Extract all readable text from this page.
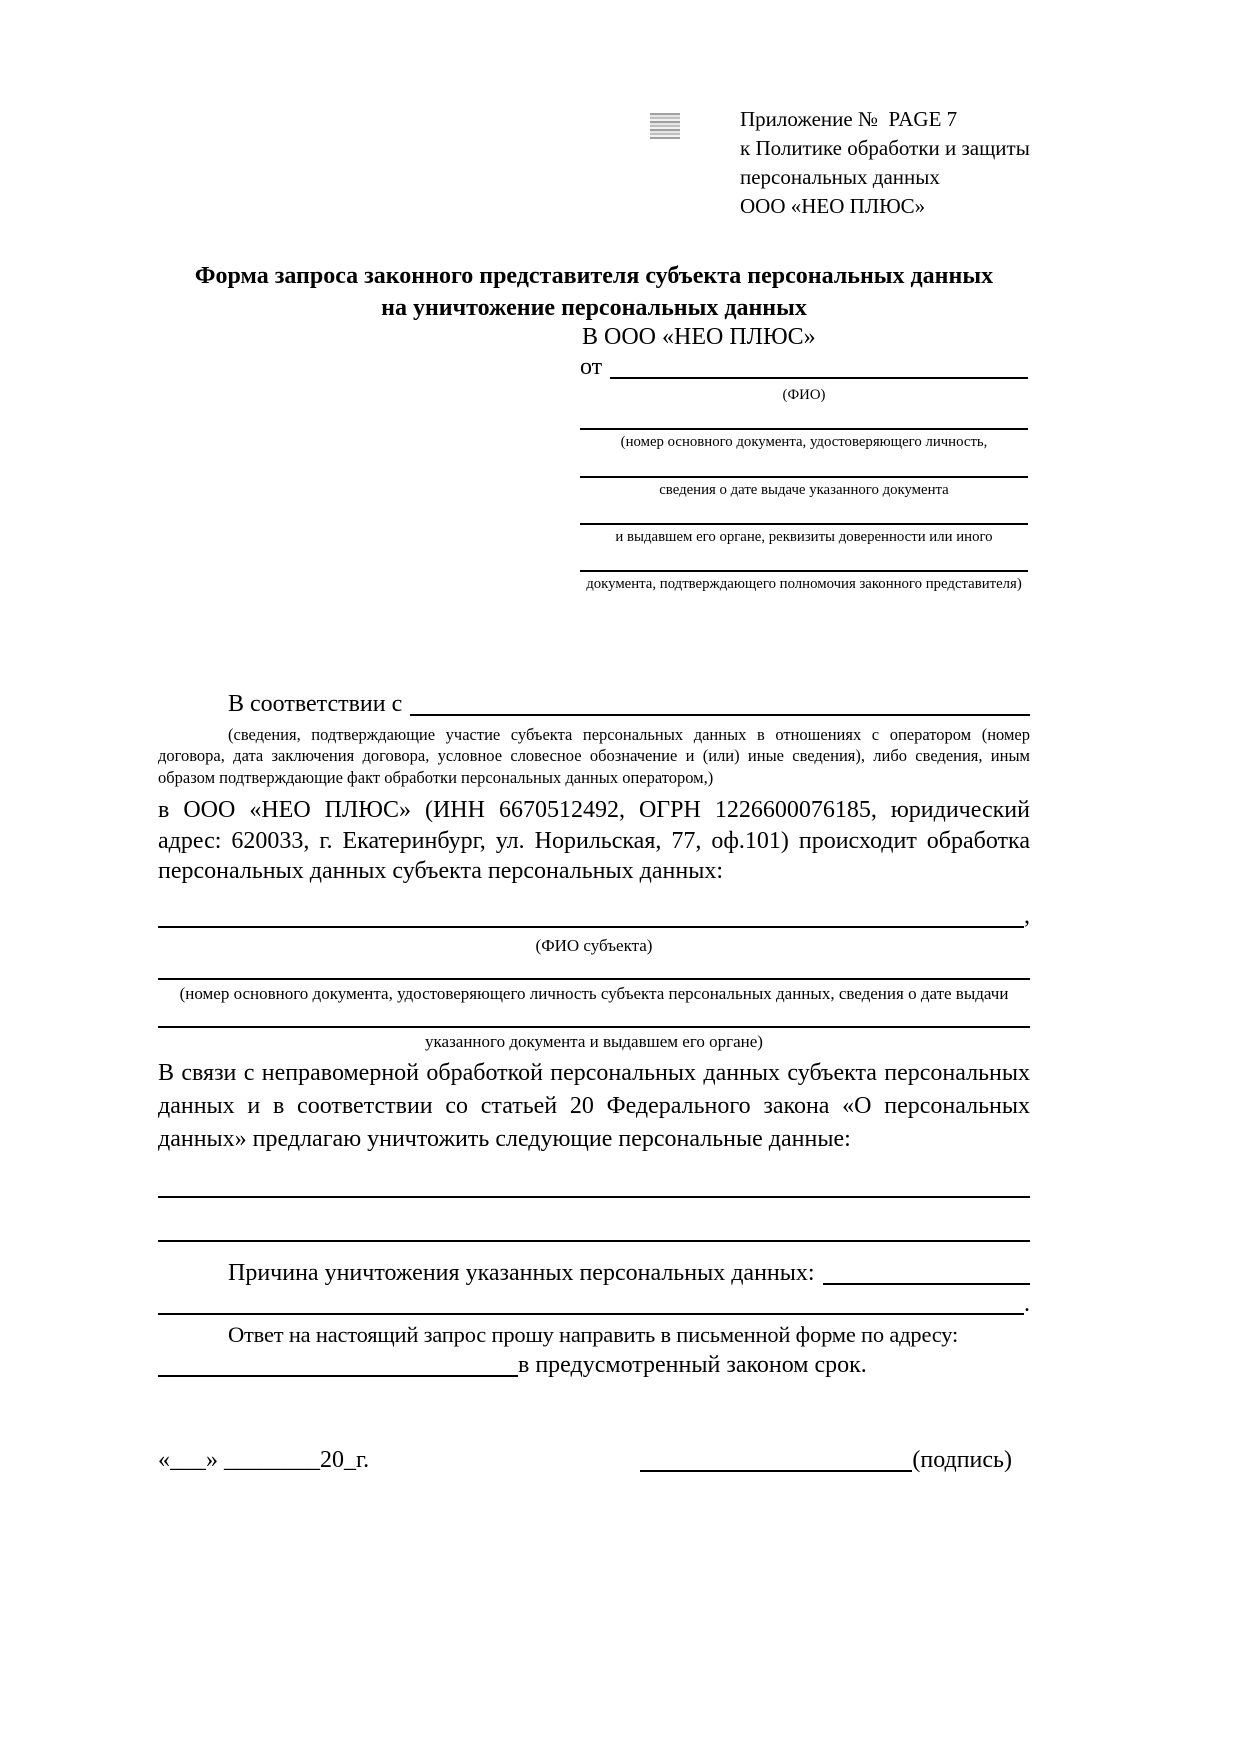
Приложение №  PAGE 7
к Политике обработки и защиты
персональных данных
ООО «НЕО ПЛЮС»
Форма запроса законного представителя субъекта персональных данных
на уничтожение персональных данных
В ООО «НЕО ПЛЮС»
от
(ФИО)
(номер основного документа, удостоверяющего личность,
сведения о дате выдаче указанного документа
и выдавшем его органе, реквизиты доверенности или иного
документа, подтверждающего полномочия законного представителя)
В соответствии с

(сведения, подтверждающие участие субъекта персональных данных в отношениях с оператором (номер договора, дата заключения договора, условное словесное обозначение и (или) иные сведения), либо сведения, иным образом подтверждающие факт обработки персональных данных оператором,)

в ООО «НЕО ПЛЮС» (ИНН 6670512492, ОГРН 1226600076185, юридический адрес: 620033, г. Екатеринбург, ул. Норильская, 77, оф.101) происходит обработка персональных данных субъекта персональных данных:

,
(ФИО субъекта)
(номер основного документа, удостоверяющего личность субъекта персональных данных, сведения о дате выдачи
указанного документа и выдавшем его органе)

В связи с неправомерной обработкой персональных данных субъекта персональных данных и в соответствии со статьей 20 Федерального закона «О персональных данных» предлагаю уничтожить следующие персональные данные:

Причина уничтожения указанных персональных данных:
.

Ответ на настоящий запрос прошу направить в письменной форме по адресу:

в предусмотренный законом срок.
«___» ________20_г.	(подпись)
